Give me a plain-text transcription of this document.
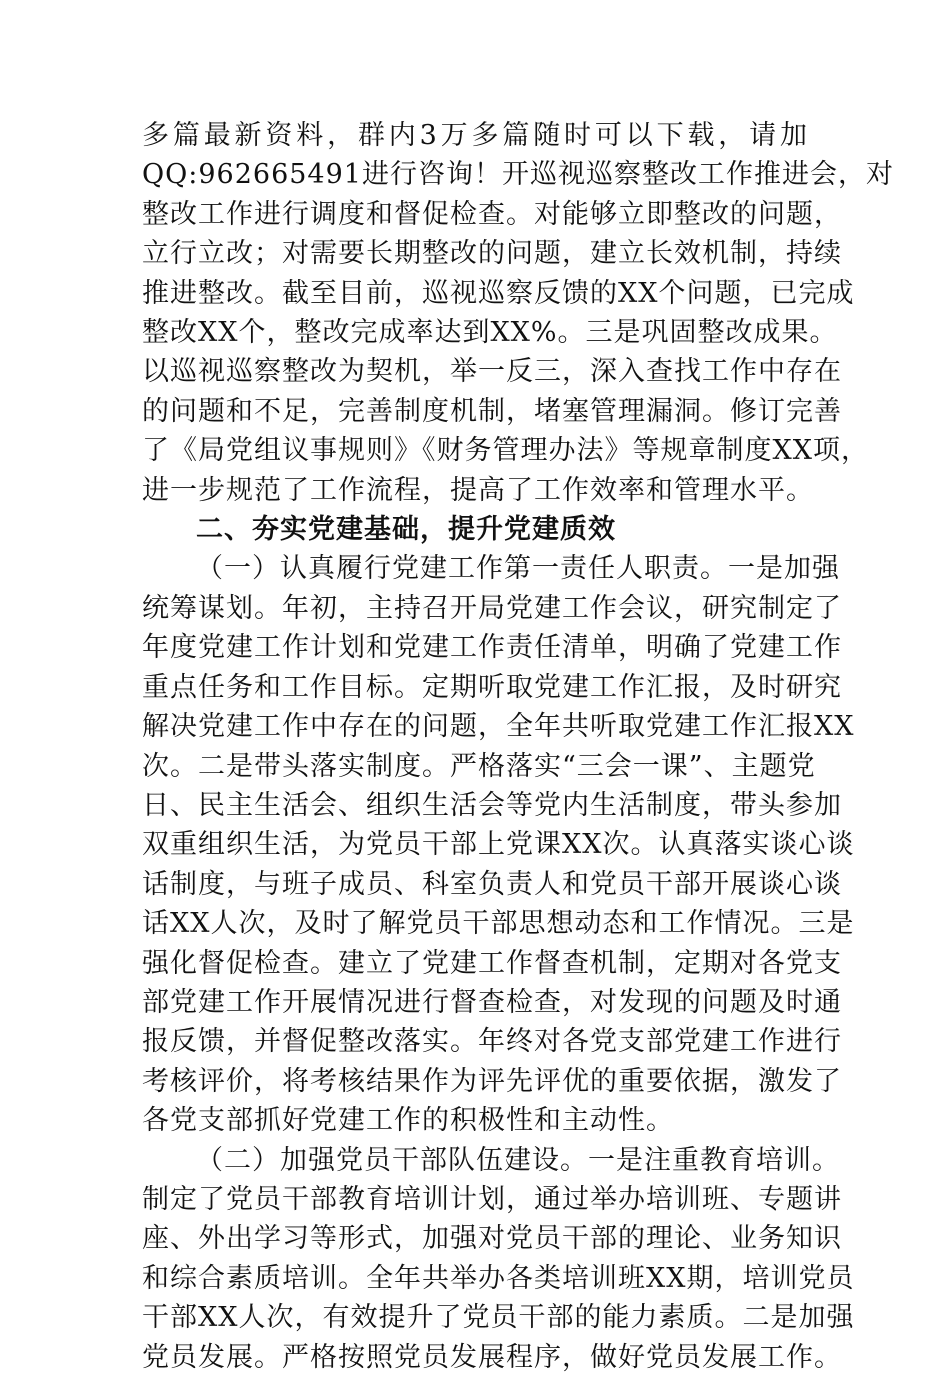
多篇最新资料，群内3万多篇随时可以下载，请加
QQ:962665491进行咨询！开巡视巡察整改工作推进会，对
整改工作进行调度和督促检查。对能够立即整改的问题，
立行立改；对需要长期整改的问题，建立长效机制，持续
推进整改。截至目前，巡视巡察反馈的XX个问题，已完成
整改XX个，整改完成率达到XX%。三是巩固整改成果。
以巡视巡察整改为契机，举一反三，深入查找工作中存在
的问题和不足，完善制度机制，堵塞管理漏洞。修订完善
了《局党组议事规则》《财务管理办法》等规章制度XX项，
进一步规范了工作流程，提高了工作效率和管理水平。
二、夯实党建基础，提升党建质效
（一）认真履行党建工作第一责任人职责。一是加强
统筹谋划。年初，主持召开局党建工作会议，研究制定了
年度党建工作计划和党建工作责任清单，明确了党建工作
重点任务和工作目标。定期听取党建工作汇报，及时研究
解决党建工作中存在的问题，全年共听取党建工作汇报XX
次。二是带头落实制度。严格落实“三会一课”、主题党
日、民主生活会、组织生活会等党内生活制度，带头参加
双重组织生活，为党员干部上党课XX次。认真落实谈心谈
话制度，与班子成员、科室负责人和党员干部开展谈心谈
话XX人次，及时了解党员干部思想动态和工作情况。三是
强化督促检查。建立了党建工作督查机制，定期对各党支
部党建工作开展情况进行督查检查，对发现的问题及时通
报反馈，并督促整改落实。年终对各党支部党建工作进行
考核评价，将考核结果作为评先评优的重要依据，激发了
各党支部抓好党建工作的积极性和主动性。
（二）加强党员干部队伍建设。一是注重教育培训。
制定了党员干部教育培训计划，通过举办培训班、专题讲
座、外出学习等形式，加强对党员干部的理论、业务知识
和综合素质培训。全年共举办各类培训班XX期，培训党员
干部XX人次，有效提升了党员干部的能力素质。二是加强
党员发展。严格按照党员发展程序，做好党员发展工作。
